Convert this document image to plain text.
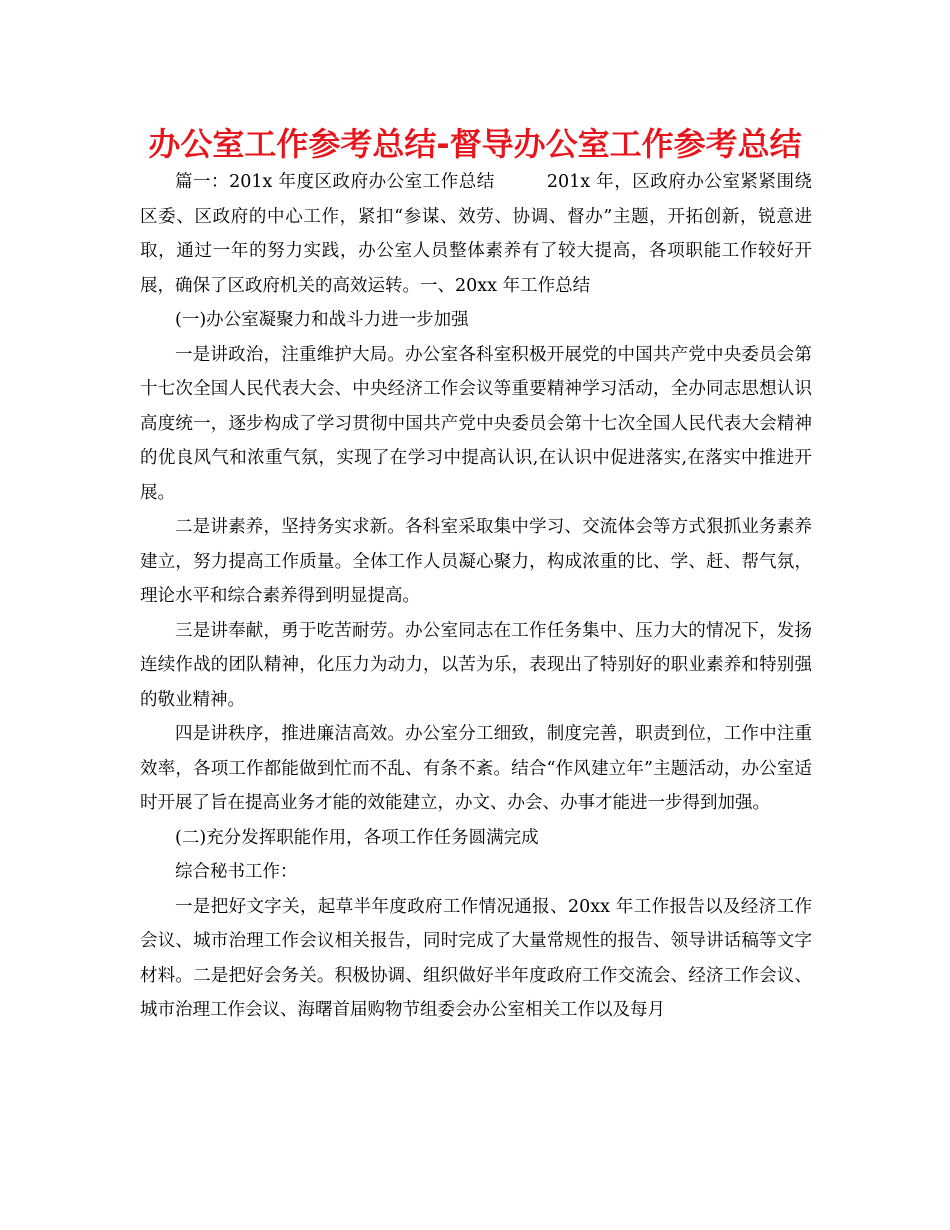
办公室工作参考总结-督导办公室工作参考总结

篇一：201x 年度区政府办公室工作总结	201x 年，区政府办公室紧紧围绕区委、区政府的中心工作，紧扣“参谋、效劳、协调、督办”主题，开拓创新，锐意进取，通过一年的努力实践，办公室人员整体素养有了较大提高，各项职能工作较好开展，确保了区政府机关的高效运转。一、20xx 年工作总结

(一)办公室凝聚力和战斗力进一步加强

一是讲政治，注重维护大局。办公室各科室积极开展党的中国共产党中央委员会第十七次全国人民代表大会、中央经济工作会议等重要精神学习活动，全办同志思想认识高度统一，逐步构成了学习贯彻中国共产党中央委员会第十七次全国人民代表大会精神的优良风气和浓重气氛，实现了在学习中提高认识,在认识中促进落实,在落实中推进开展。

二是讲素养，坚持务实求新。各科室采取集中学习、交流体会等方式狠抓业务素养建立，努力提高工作质量。全体工作人员凝心聚力，构成浓重的比、学、赶、帮气氛，理论水平和综合素养得到明显提高。

三是讲奉献，勇于吃苦耐劳。办公室同志在工作任务集中、压力大的情况下，发扬连续作战的团队精神，化压力为动力，以苦为乐，表现出了特别好的职业素养和特别强的敬业精神。

四是讲秩序，推进廉洁高效。办公室分工细致，制度完善，职责到位，工作中注重效率，各项工作都能做到忙而不乱、有条不紊。结合“作风建立年”主题活动，办公室适时开展了旨在提高业务才能的效能建立，办文、办会、办事才能进一步得到加强。

(二)充分发挥职能作用，各项工作任务圆满完成

综合秘书工作：

一是把好文字关，起草半年度政府工作情况通报、20xx 年工作报告以及经济工作会议、城市治理工作会议相关报告，同时完成了大量常规性的报告、领导讲话稿等文字材料。二是把好会务关。积极协调、组织做好半年度政府工作交流会、经济工作会议、城市治理工作会议、海曙首届购物节组委会办公室相关工作以及每月
